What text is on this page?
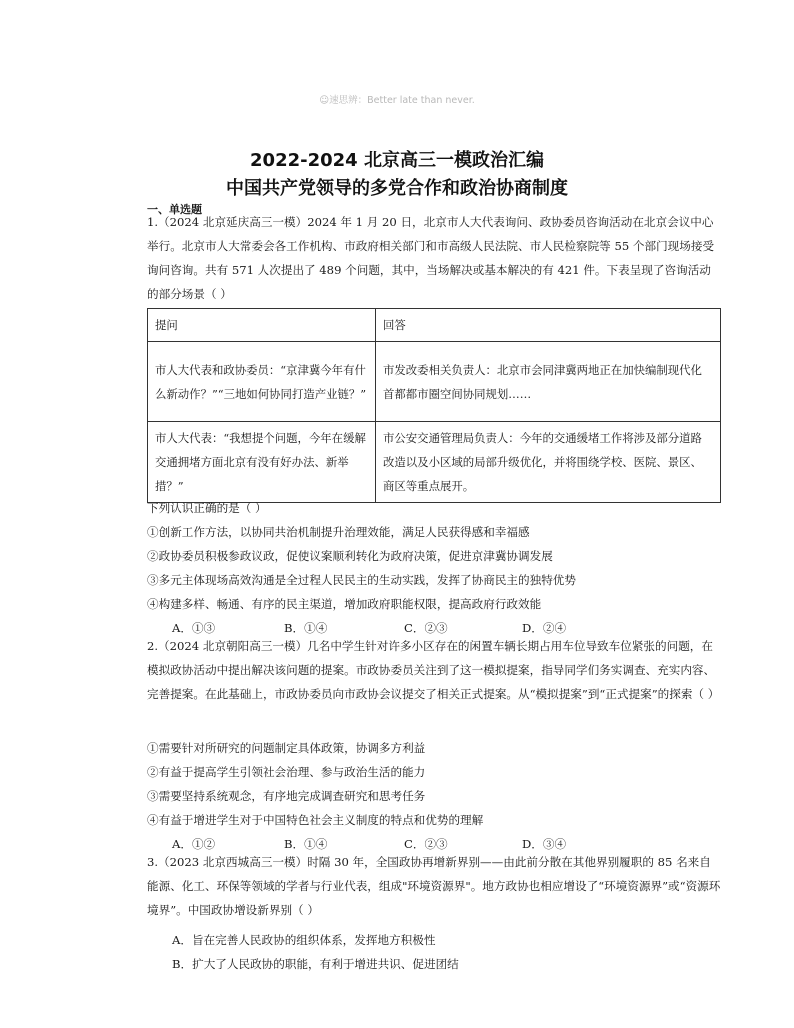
☺速思辨：Better late than never.
2022-2024 北京高三一模政治汇编
中国共产党领导的多党合作和政治协商制度
一、单选题
1.（2024 北京延庆高三一模）2024 年 1 月 20 日，北京市人大代表询问、政协委员咨询活动在北京会议中心举行。北京市人大常委会各工作机构、市政府相关部门和市高级人民法院、市人民检察院等 55 个部门现场接受询问咨询。共有 571 人次提出了 489 个问题，其中，当场解决或基本解决的有 421 件。下表呈现了咨询活动的部分场景（ ）
提问	回答
市人大代表和政协委员：“京津冀今年有什么新动作？”“三地如何协同打造产业链？”	市发改委相关负责人：北京市会同津冀两地正在加快编制现代化首都都市圈空间协同规划……
市人大代表：“我想提个问题，今年在缓解交通拥堵方面北京有没有好办法、新举措？”	市公安交通管理局负责人：今年的交通缓堵工作将涉及部分道路改造以及小区域的局部升级优化，并将围绕学校、医院、景区、商区等重点展开。
下列认识正确的是（ ）
①创新工作方法，以协同共治机制提升治理效能，满足人民获得感和幸福感
②政协委员积极参政议政，促使议案顺利转化为政府决策，促进京津冀协调发展
③多元主体现场高效沟通是全过程人民民主的生动实践，发挥了协商民主的独特优势
④构建多样、畅通、有序的民主渠道，增加政府职能权限，提高政府行政效能
A．①③	B．①④	C．②③	D．②④
2.（2024 北京朝阳高三一模）几名中学生针对许多小区存在的闲置车辆长期占用车位导致车位紧张的问题，在模拟政协活动中提出解决该问题的提案。市政协委员关注到了这一模拟提案，指导同学们务实调查、充实内容、完善提案。在此基础上，市政协委员向市政协会议提交了相关正式提案。从“模拟提案”到“正式提案”的探索（ ）
①需要针对所研究的问题制定具体政策，协调多方利益
②有益于提高学生引领社会治理、参与政治生活的能力
③需要坚持系统观念，有序地完成调查研究和思考任务
④有益于增进学生对于中国特色社会主义制度的特点和优势的理解
A．①②	B．①④	C．②③	D．③④
3.（2023 北京西城高三一模）时隔 30 年，全国政协再增新界别——由此前分散在其他界别履职的 85 名来自能源、化工、环保等领域的学者与行业代表，组成"环境资源界"。地方政协也相应增设了“环境资源界”或“资源环境界”。中国政协增设新界别（ ）
A．旨在完善人民政协的组织体系，发挥地方积极性
B．扩大了人民政协的职能，有利于增进共识、促进团结
